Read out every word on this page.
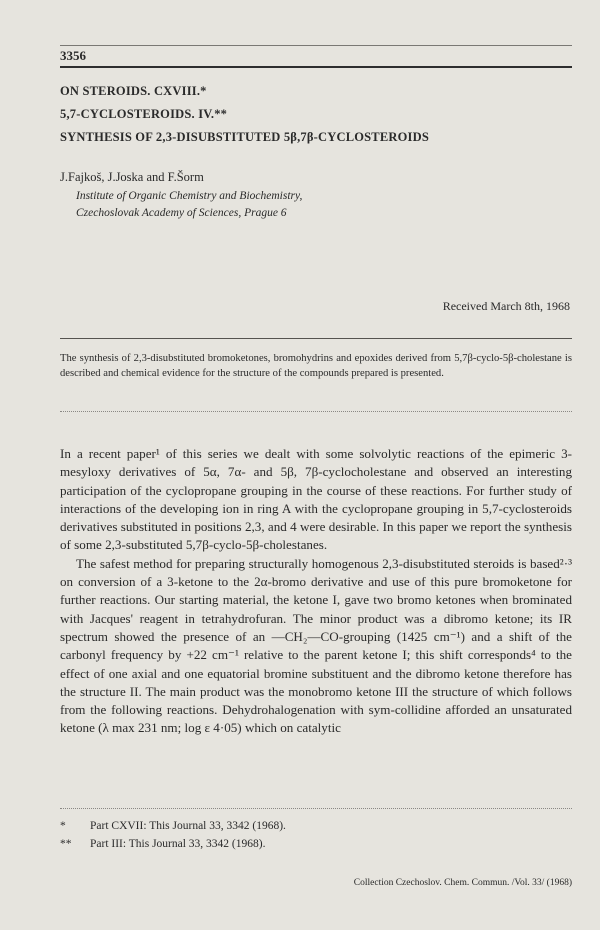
3356
ON STEROIDS. CXVIII.*
5,7-CYCLOSTEROIDS. IV.**
SYNTHESIS OF 2,3-DISUBSTITUTED 5β,7β-CYCLOSTEROIDS
J.Fajkoš, J.Joska and F.Šorm
Institute of Organic Chemistry and Biochemistry,
Czechoslovak Academy of Sciences, Prague 6
Received March 8th, 1968
The synthesis of 2,3-disubstituted bromoketones, bromohydrins and epoxides derived from 5,7β-cyclo-5β-cholestane is described and chemical evidence for the structure of the compounds prepared is presented.

In a recent paper¹ of this series we dealt with some solvolytic reactions of the epimeric 3-mesyloxy derivatives of 5α, 7α- and 5β, 7β-cyclocholestane and observed an interesting participation of the cyclopropane grouping in the course of these reactions. For further study of interactions of the developing ion in ring A with the cyclopropane grouping in 5,7-cyclosteroids derivatives substituted in positions 2,3, and 4 were desirable. In this paper we report the synthesis of some 2,3-substituted 5,7β-cyclo-5β-cholestanes.

The safest method for preparing structurally homogenous 2,3-disubstituted steroids is based²·³ on conversion of a 3-ketone to the 2α-bromo derivative and use of this pure bromoketone for further reactions. Our starting material, the ketone I, gave two bromo ketones when brominated with Jacques' reagent in tetrahydrofuran. The minor product was a dibromo ketone; its IR spectrum showed the presence of an —CH₂—CO-grouping (1425 cm⁻¹) and a shift of the carbonyl frequency by +22 cm⁻¹ relative to the parent ketone I; this shift corresponds⁴ to the effect of one axial and one equatorial bromine substituent and the dibromo ketone therefore has the structure II. The main product was the monobromo ketone III the structure of which follows from the following reactions. Dehydrohalogenation with sym-collidine afforded an unsaturated ketone (λ max 231 nm; log ε 4·05) which on catalytic

* Part CXVII: This Journal 33, 3342 (1968).
** Part III: This Journal 33, 3342 (1968).
Collection Czechoslov. Chem. Commun. /Vol. 33/ (1968)
